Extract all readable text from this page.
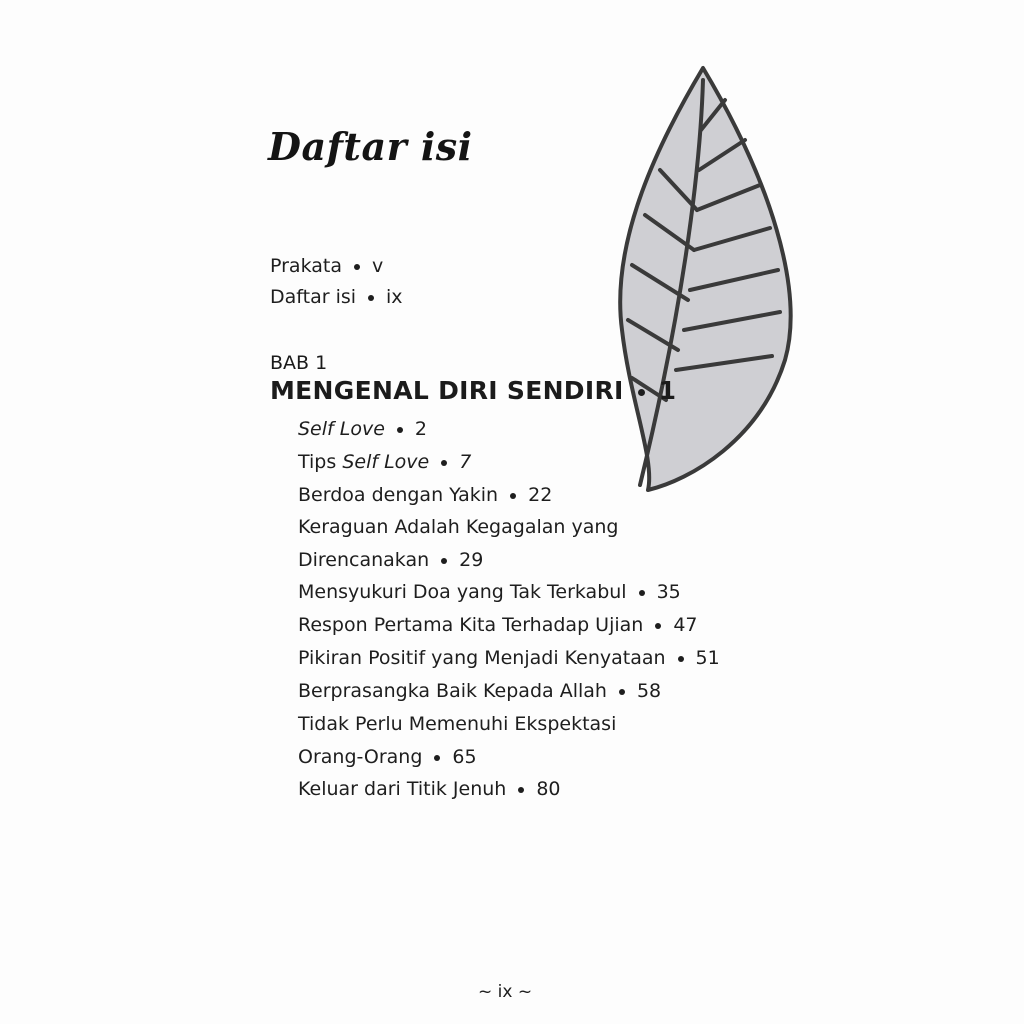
Daftar isi
Prakata v
Daftar isi ix
BAB 1
MENGENAL DIRI SENDIRI 1
Self Love 2
Tips Self Love 7
Berdoa dengan Yakin 22
Keraguan Adalah Kegagalan yang
Direncanakan 29
Mensyukuri Doa yang Tak Terkabul 35
Respon Pertama Kita Terhadap Ujian 47
Pikiran Positif yang Menjadi Kenyataan 51
Berprasangka Baik Kepada Allah 58
Tidak Perlu Memenuhi Ekspektasi
Orang-Orang 65
Keluar dari Titik Jenuh 80
~ ix ~
